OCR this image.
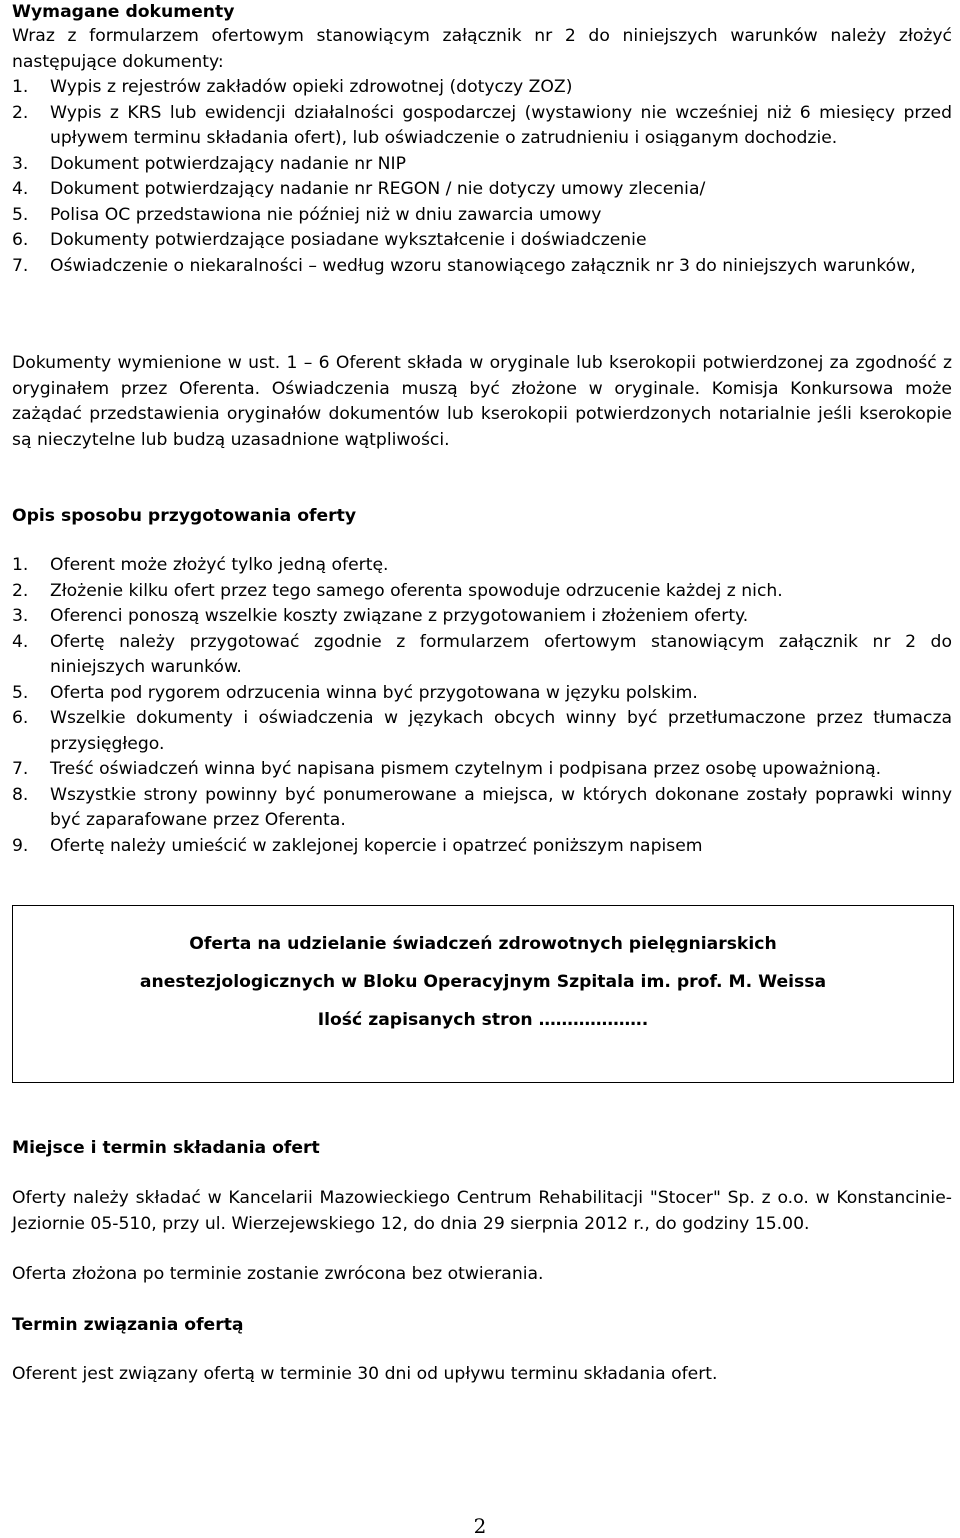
Wymagane dokumenty

Wraz z formularzem ofertowym stanowiącym załącznik nr 2 do niniejszych warunków należy złożyć następujące dokumenty:

1. Wypis z rejestrów zakładów opieki zdrowotnej (dotyczy ZOZ)
2. Wypis z KRS lub ewidencji działalności gospodarczej (wystawiony nie wcześniej niż 6 miesięcy przed upływem terminu składania ofert), lub oświadczenie o zatrudnieniu i osiąganym dochodzie.
3. Dokument potwierdzający nadanie nr NIP
4. Dokument potwierdzający nadanie nr REGON / nie dotyczy umowy zlecenia/
5. Polisa OC przedstawiona nie później niż w dniu zawarcia umowy
6. Dokumenty potwierdzające posiadane wykształcenie i doświadczenie
7. Oświadczenie o niekaralności – według wzoru stanowiącego załącznik nr 3 do niniejszych warunków,

Dokumenty wymienione w ust. 1 – 6 Oferent składa w oryginale lub kserokopii potwierdzonej za zgodność z oryginałem przez Oferenta. Oświadczenia muszą być złożone w oryginale. Komisja Konkursowa może zażądać przedstawienia oryginałów dokumentów lub kserokopii potwierdzonych notarialnie jeśli kserokopie są nieczytelne lub budzą uzasadnione wątpliwości.

Opis sposobu przygotowania oferty
1. Oferent może złożyć tylko jedną ofertę.
2. Złożenie kilku ofert przez tego samego oferenta spowoduje odrzucenie każdej z nich.
3. Oferenci ponoszą wszelkie koszty związane z przygotowaniem i złożeniem oferty.
4. Ofertę należy przygotować zgodnie z formularzem ofertowym stanowiącym załącznik nr 2 do niniejszych warunków.
5. Oferta pod rygorem odrzucenia winna być przygotowana w języku polskim.
6. Wszelkie dokumenty i oświadczenia w językach obcych winny być przetłumaczone przez tłumacza przysięgłego.
7. Treść oświadczeń winna być napisana pismem czytelnym i podpisana przez osobę upoważnioną.
8. Wszystkie strony powinny być ponumerowane a miejsca, w których dokonane zostały poprawki winny być zaparafowane przez Oferenta.
9. Ofertę należy umieścić w zaklejonej kopercie i opatrzeć poniższym napisem
Oferta na udzielanie świadczeń zdrowotnych pielęgniarskich
anestezjologicznych w Bloku Operacyjnym Szpitala im. prof. M. Weissa
Ilość zapisanych stron ……………….
Miejsce i termin składania ofert

Oferty należy składać w Kancelarii Mazowieckiego Centrum Rehabilitacji "Stocer" Sp. z o.o. w Konstancinie-Jeziornie 05-510, przy ul. Wierzejewskiego 12, do dnia 29 sierpnia 2012 r., do godziny 15.00.

Oferta złożona po terminie zostanie zwrócona bez otwierania.

Termin związania ofertą

Oferent jest związany ofertą w terminie 30 dni od upływu terminu składania ofert.

2
